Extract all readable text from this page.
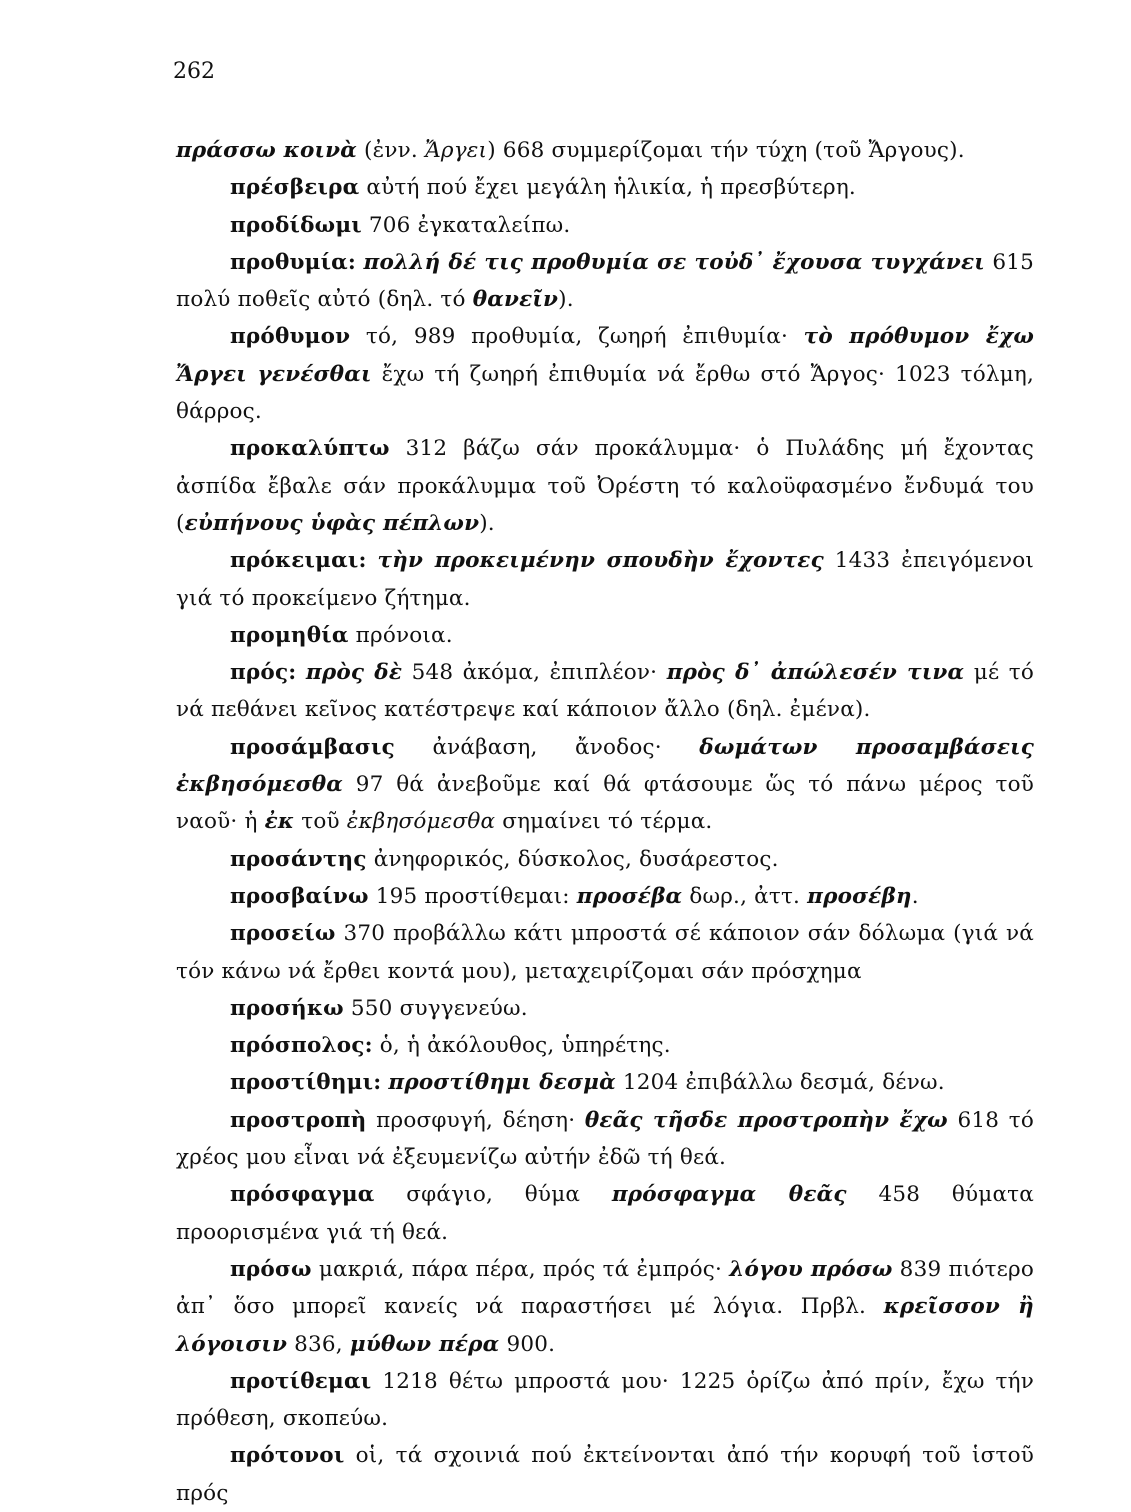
262

πράσσω κοινὰ (ἐνν. Ἄργει) 668 συμμερίζομαι τήν τύχη (τοῦ Ἄργους).

πρέσβειρα αὐτή πού ἔχει μεγάλη ἡλικία, ἡ πρεσβύτερη.

προδίδωμι 706 ἐγκαταλείπω.

προθυμία: πολλή δέ τις προθυμία σε τοὐδ᾽ ἔχουσα τυγχάνει 615 πολύ ποθεῖς αὐτό (δηλ. τό θανεῖν).

πρόθυμον τό, 989 προθυμία, ζωηρή ἐπιθυμία· τὸ πρόθυμον ἔχω Ἄργει γενέσθαι ἔχω τή ζωηρή ἐπιθυμία νά ἔρθω στό Ἄργος· 1023 τόλμη, θάρρος.

προκαλύπτω 312 βάζω σάν προκάλυμμα· ὁ Πυλάδης μή ἔχοντας ἀσπίδα ἔβαλε σάν προκάλυμμα τοῦ Ὀρέστη τό καλοϋφασμένο ἔνδυμά του (εὐπήνους ὑφὰς πέπλων).

πρόκειμαι: τὴν προκειμένην σπουδὴν ἔχοντες 1433 ἐπειγόμενοι γιά τό προκείμενο ζήτημα.

προμηθία πρόνοια.

πρός: πρὸς δὲ 548 ἀκόμα, ἐπιπλέον· πρὸς δ᾽ ἀπώλεσέν τινα μέ τό νά πεθάνει κεῖνος κατέστρεψε καί κάποιον ἄλλο (δηλ. ἐμένα).

προσάμβασις ἀνάβαση, ἄνοδος· δωμάτων προσαμβάσεις ἐκβησόμεσθα 97 θά ἀνεβοῦμε καί θά φτάσουμε ὥς τό πάνω μέρος τοῦ ναοῦ· ἡ ἐκ τοῦ ἐκβησόμεσθα σημαίνει τό τέρμα.

προσάντης ἀνηφορικός, δύσκολος, δυσάρεστος.

προσβαίνω 195 προστίθεμαι: προσέβα δωρ., ἀττ. προσέβη.

προσείω 370 προβάλλω κάτι μπροστά σέ κάποιον σάν δόλωμα (γιά νά τόν κάνω νά ἔρθει κοντά μου), μεταχειρίζομαι σάν πρόσχημα

προσήκω 550 συγγενεύω.

πρόσπολος: ὁ, ἡ ἀκόλουθος, ὑπηρέτης.

προστίθημι: προστίθημι δεσμὰ 1204 ἐπιβάλλω δεσμά, δένω.

προστροπὴ προσφυγή, δέηση· θεᾶς τῆσδε προστροπὴν ἔχω 618 τό χρέος μου εἶναι νά ἐξευμενίζω αὐτήν ἐδῶ τή θεά.

πρόσφαγμα σφάγιο, θύμα πρόσφαγμα θεᾶς 458 θύματα προορισμένα γιά τή θεά.

πρόσω μακριά, πάρα πέρα, πρός τά ἐμπρός· λόγου πρόσω 839 πιότερο ἀπ᾽ ὅσο μπορεῖ κανείς νά παραστήσει μέ λόγια. Πρβλ. κρεῖσσον ἢ λόγοισιν 836, μύθων πέρα 900.

προτίθεμαι 1218 θέτω μπροστά μου· 1225 ὁρίζω ἀπό πρίν, ἔχω τήν πρόθεση, σκοπεύω.

πρότονοι οἱ, τά σχοινιά πού ἐκτείνονται ἀπό τήν κορυφή τοῦ ἱστοῦ πρός
